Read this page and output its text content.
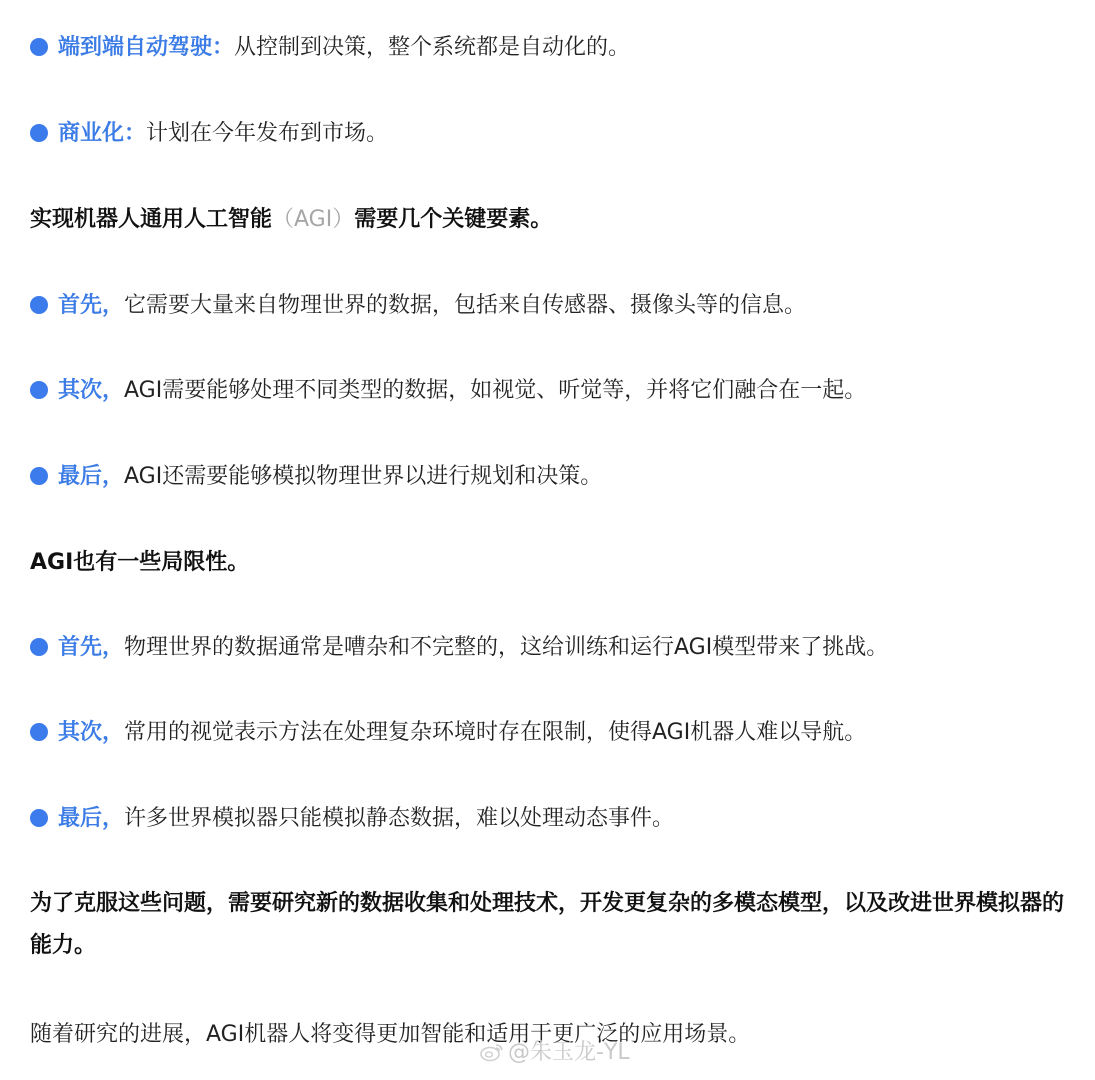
端到端自动驾驶：从控制到决策，整个系统都是自动化的。
商业化：计划在今年发布到市场。
实现机器人通用人工智能（AGI）需要几个关键要素。
首先，它需要大量来自物理世界的数据，包括来自传感器、摄像头等的信息。
其次，AGI需要能够处理不同类型的数据，如视觉、听觉等，并将它们融合在一起。
最后，AGI还需要能够模拟物理世界以进行规划和决策。
AGI也有一些局限性。
首先，物理世界的数据通常是嘈杂和不完整的，这给训练和运行AGI模型带来了挑战。
其次，常用的视觉表示方法在处理复杂环境时存在限制，使得AGI机器人难以导航。
最后，许多世界模拟器只能模拟静态数据，难以处理动态事件。
为了克服这些问题，需要研究新的数据收集和处理技术，开发更复杂的多模态模型，以及改进世界模拟器的能力。
随着研究的进展，AGI机器人将变得更加智能和适用于更广泛的应用场景。
@朱玉龙-YL
